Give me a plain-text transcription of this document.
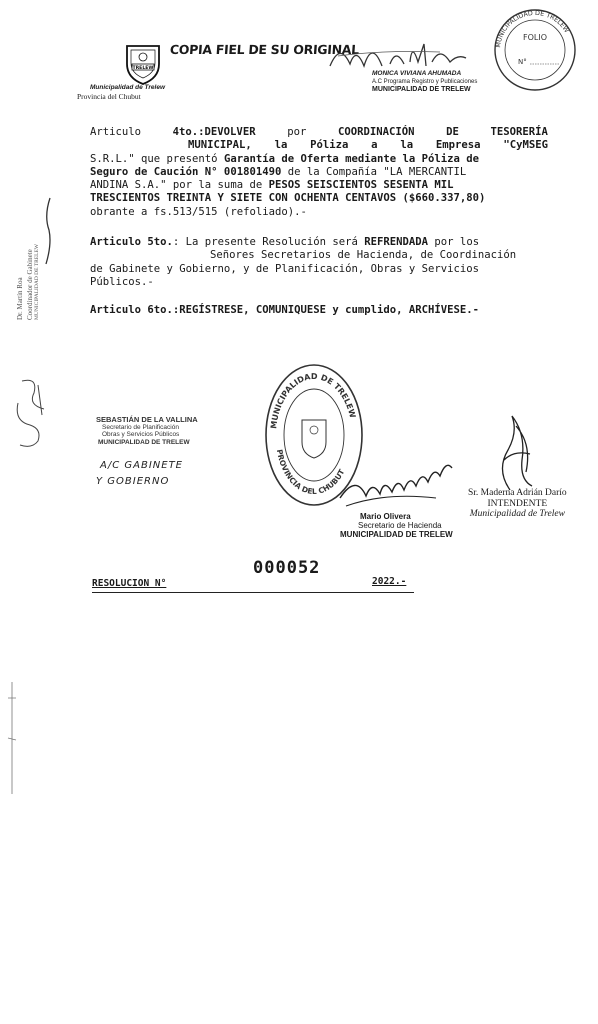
TRELEW
COPIA FIEL DE SU ORIGINAL
Municipalidad de Trelew
Provincia del Chubut
MONICA VIVIANA AHUMADA
A.C Programa Registro y Publicaciones
MUNICIPALIDAD DE TRELEW
MUNICIPALIDAD DE TRELEW
FOLIO
N°
Articulo	4to.:DEVOLVER	por	COORDINACIÓN	DE	TESORERÍA
MUNICIPAL, la Póliza a la Empresa "CyMSEG
S.R.L." que presentó Garantía de Oferta mediante la Póliza de
Seguro de Caución N° 001801490 de la Compañía "LA MERCANTIL
ANDINA S.A." por la suma de PESOS SEISCIENTOS SESENTA MIL
TRESCIENTOS TREINTA Y SIETE CON OCHENTA CENTAVOS ($660.337,80)
obrante a fs.513/515 (refoliado).-
Articulo 5to.: La presente Resolución será REFRENDADA por los
Señores Secretarios de Hacienda, de Coordinación
de Gabinete y Gobierno, y de Planificación, Obras y Servicios
Públicos.-
Articulo 6to.:REGÍSTRESE, COMUNIQUESE y cumplido, ARCHÍVESE.-
Dr. Martín Roa Coordinador de Gabinete MUNICIPALIDAD DE TRELEW
SEBASTIÁN DE LA VALLINA
Secretario de Planificación
Obras y Servicios Públicos
MUNICIPALIDAD DE TRELEW
A/C GABINETE
Y GOBIERNO
MUNICIPALIDAD DE TRELEW
PROVINCIA DEL CHUBUT
Mario Olivera
Secretario de Hacienda
MUNICIPALIDAD DE TRELEW
Sr. Maderna Adrián Darío
INTENDENTE
Municipalidad de Trelew
000052
RESOLUCION N°	2022.-
